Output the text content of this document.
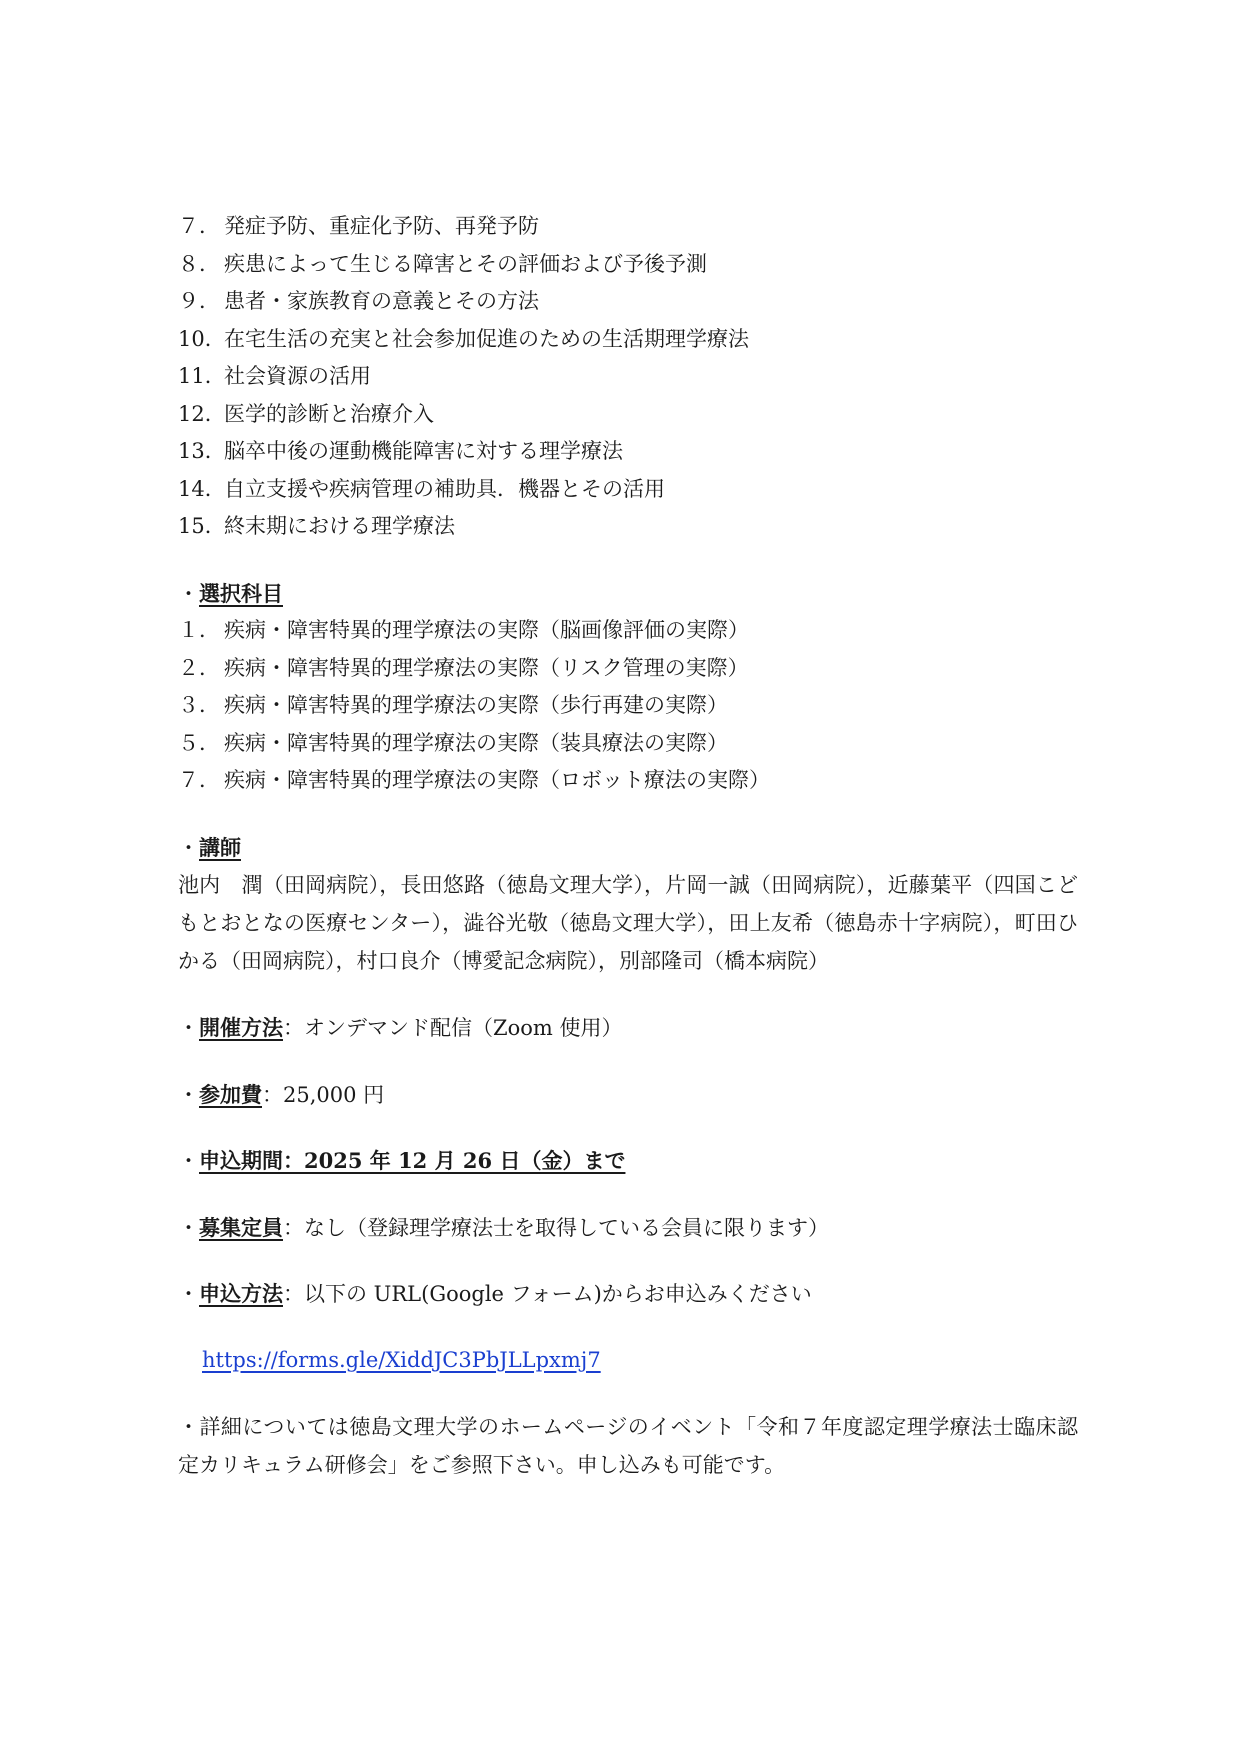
７． 発症予防、重症化予防、再発予防
８． 疾患によって生じる障害とその評価および予後予測
９． 患者・家族教育の意義とその方法
10．在宅生活の充実と社会参加促進のための生活期理学療法
11．社会資源の活用
12．医学的診断と治療介入
13．脳卒中後の運動機能障害に対する理学療法
14．自立支援や疾病管理の補助具．機器とその活用
15．終末期における理学療法
・選択科目
１． 疾病・障害特異的理学療法の実際（脳画像評価の実際）
２． 疾病・障害特異的理学療法の実際（リスク管理の実際）
３． 疾病・障害特異的理学療法の実際（歩行再建の実際）
５． 疾病・障害特異的理学療法の実際（装具療法の実際）
７． 疾病・障害特異的理学療法の実際（ロボット療法の実際）
・講師
池内　潤（田岡病院），長田悠路（徳島文理大学），片岡一誠（田岡病院），近藤葉平（四国こどもとおとなの医療センター），澁谷光敬（徳島文理大学），田上友希（徳島赤十字病院），町田ひかる（田岡病院），村口良介（博愛記念病院），別部隆司（橋本病院）
・開催方法：オンデマンド配信（Zoom 使用）
・参加費：25,000 円
・申込期間：2025 年 12 月 26 日（金）まで
・募集定員：なし（登録理学療法士を取得している会員に限ります）
・申込方法：以下の URL(Google フォーム)からお申込みください
https://forms.gle/XiddJC3PbJLLpxmj7
・詳細については徳島文理大学のホームページのイベント「令和７年度認定理学療法士臨床認定カリキュラム研修会」をご参照下さい。申し込みも可能です。
